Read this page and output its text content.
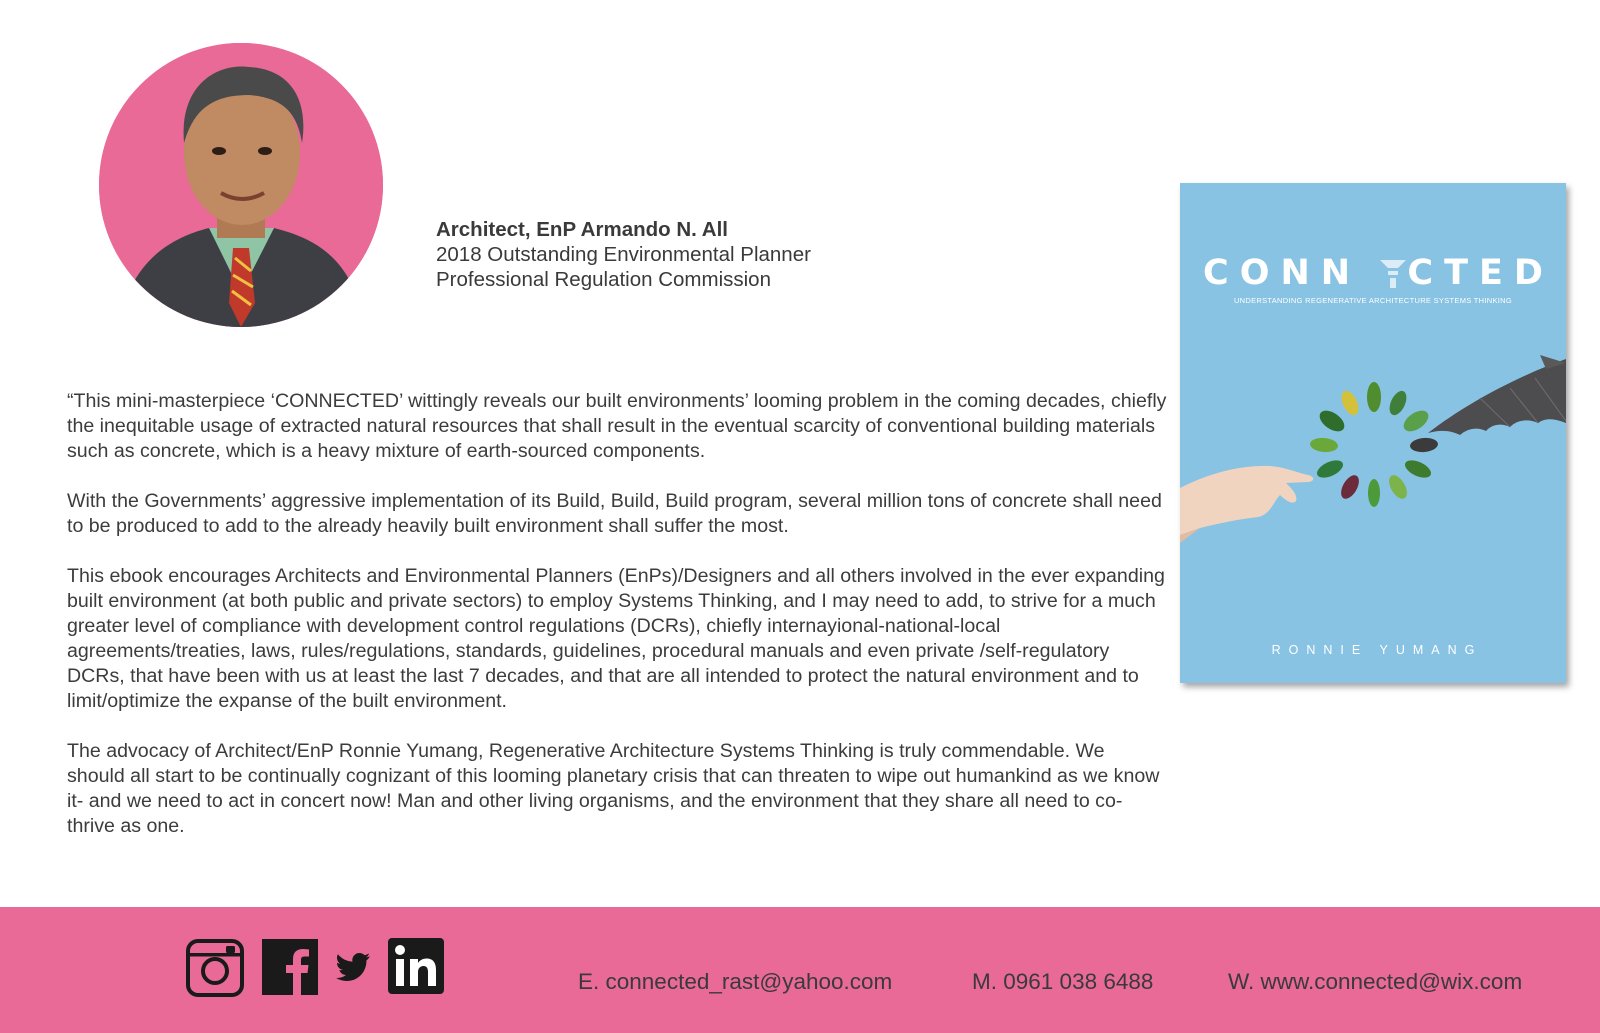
Architect, EnP Armando N. All
2018 Outstanding Environmental Planner
Professional Regulation Commission

“This mini-masterpiece ‘CONNECTED’ wittingly reveals our built environments’ looming problem in the coming decades, chiefly the inequitable usage of extracted natural resources that shall result in the eventual scarcity of conventional building materials such as concrete, which is a heavy mixture of earth-sourced components.

With the Governments’ aggressive implementation of its Build, Build, Build program, several million tons of concrete shall need to be produced to add to the already heavily built environment shall suffer the most.

This ebook encourages Architects and Environmental Planners (EnPs)/Designers and all others involved in the ever expanding built environment (at both public and private sectors) to employ Systems Thinking, and I may need to add, to strive for a much greater level of compliance with development control regulations (DCRs), chiefly internayional-national-local agreements/treaties, laws, rules/regulations, standards, guidelines, procedural manuals and even private /self-regulatory DCRs, that have been with us at least the last 7 decades, and that are all intended to protect the natural environment and to limit/optimize the expanse of the built environment.

The advocacy of Architect/EnP Ronnie Yumang, Regenerative Architecture Systems Thinking is truly commendable. We should all start to be continually cognizant of this looming planetary crisis that can threaten to wipe out humankind as we know it- and we need to act in concert now! Man and other living organisms, and the environment that they share all need to co-thrive as one.

CONN  CTED
UNDERSTANDING REGENERATIVE ARCHITECTURE SYSTEMS THINKING
RONNIE YUMANG
E. connected_rast@yahoo.com	M. 0961 038 6488	W. www.connected@wix.com
